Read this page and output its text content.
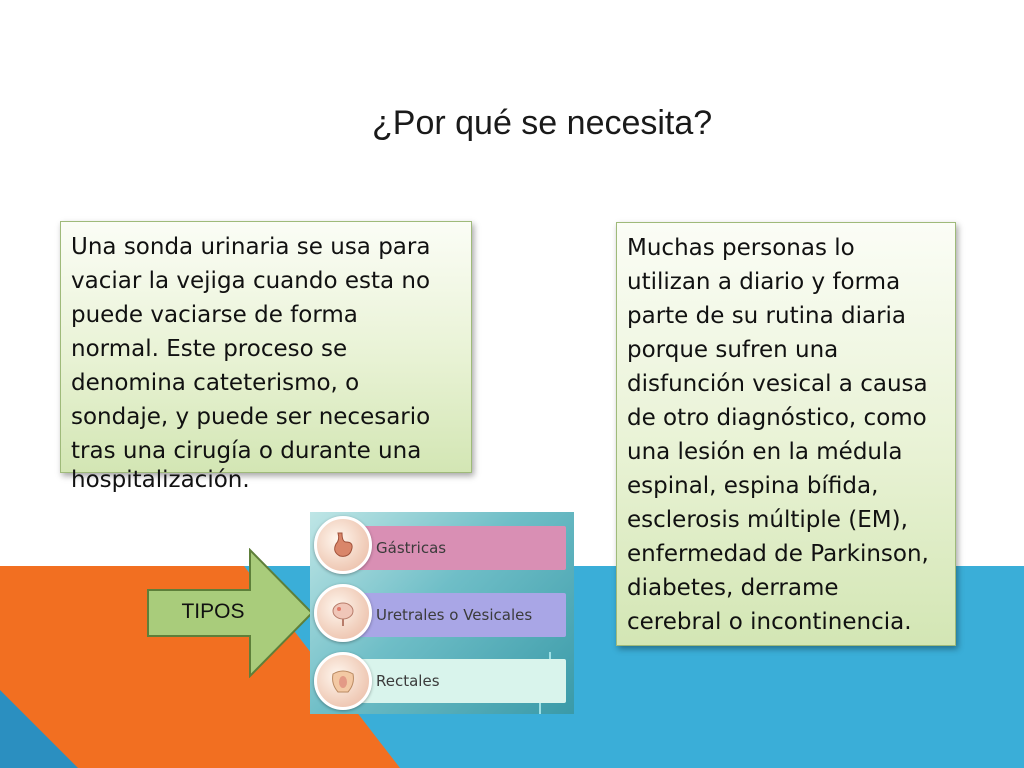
¿Por qué se necesita?
Una sonda urinaria se usa para
vaciar la vejiga cuando esta no
puede vaciarse de forma
normal. Este proceso se
denomina cateterismo, o
sondaje, y puede ser necesario
tras una cirugía o durante una
hospitalización.
Muchas personas lo
utilizan a diario y forma
parte de su rutina diaria
porque sufren una
disfunción vesical a causa
de otro diagnóstico, como
una lesión en la médula
espinal, espina bífida,
esclerosis múltiple (EM),
enfermedad de Parkinson,
diabetes, derrame
cerebral o incontinencia.
TIPOS
Gástricas
Uretrales o Vesicales
Rectales
